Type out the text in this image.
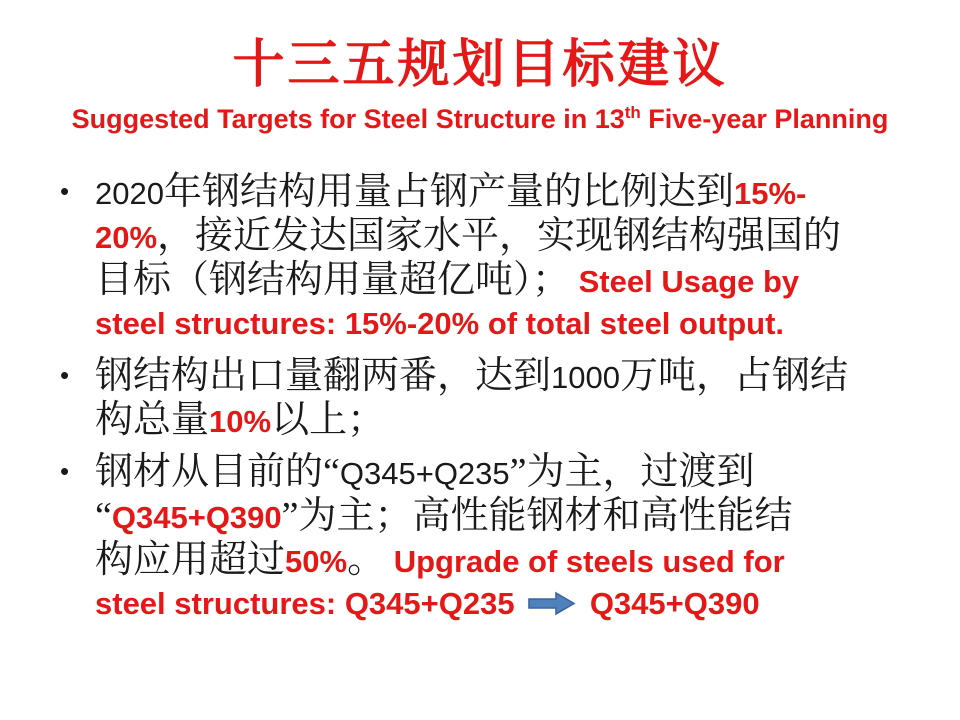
十三五规划目标建议
Suggested Targets for Steel Structure in 13th Five-year Planning
• 2020年钢结构用量占钢产量的比例达到15%-
20%，接近发达国家水平，实现钢结构强国的
目标（钢结构用量超亿吨）； Steel Usage by
steel structures: 15%-20% of total steel output.
• 钢结构出口量翻两番，达到1000万吨，占钢结
构总量10%以上；
• 钢材从目前的“Q345+Q235”为主，过渡到
“Q345+Q390”为主；高性能钢材和高性能结
构应用超过50%。 Upgrade of steels used for
steel structures: Q345+Q235  Q345+Q390
